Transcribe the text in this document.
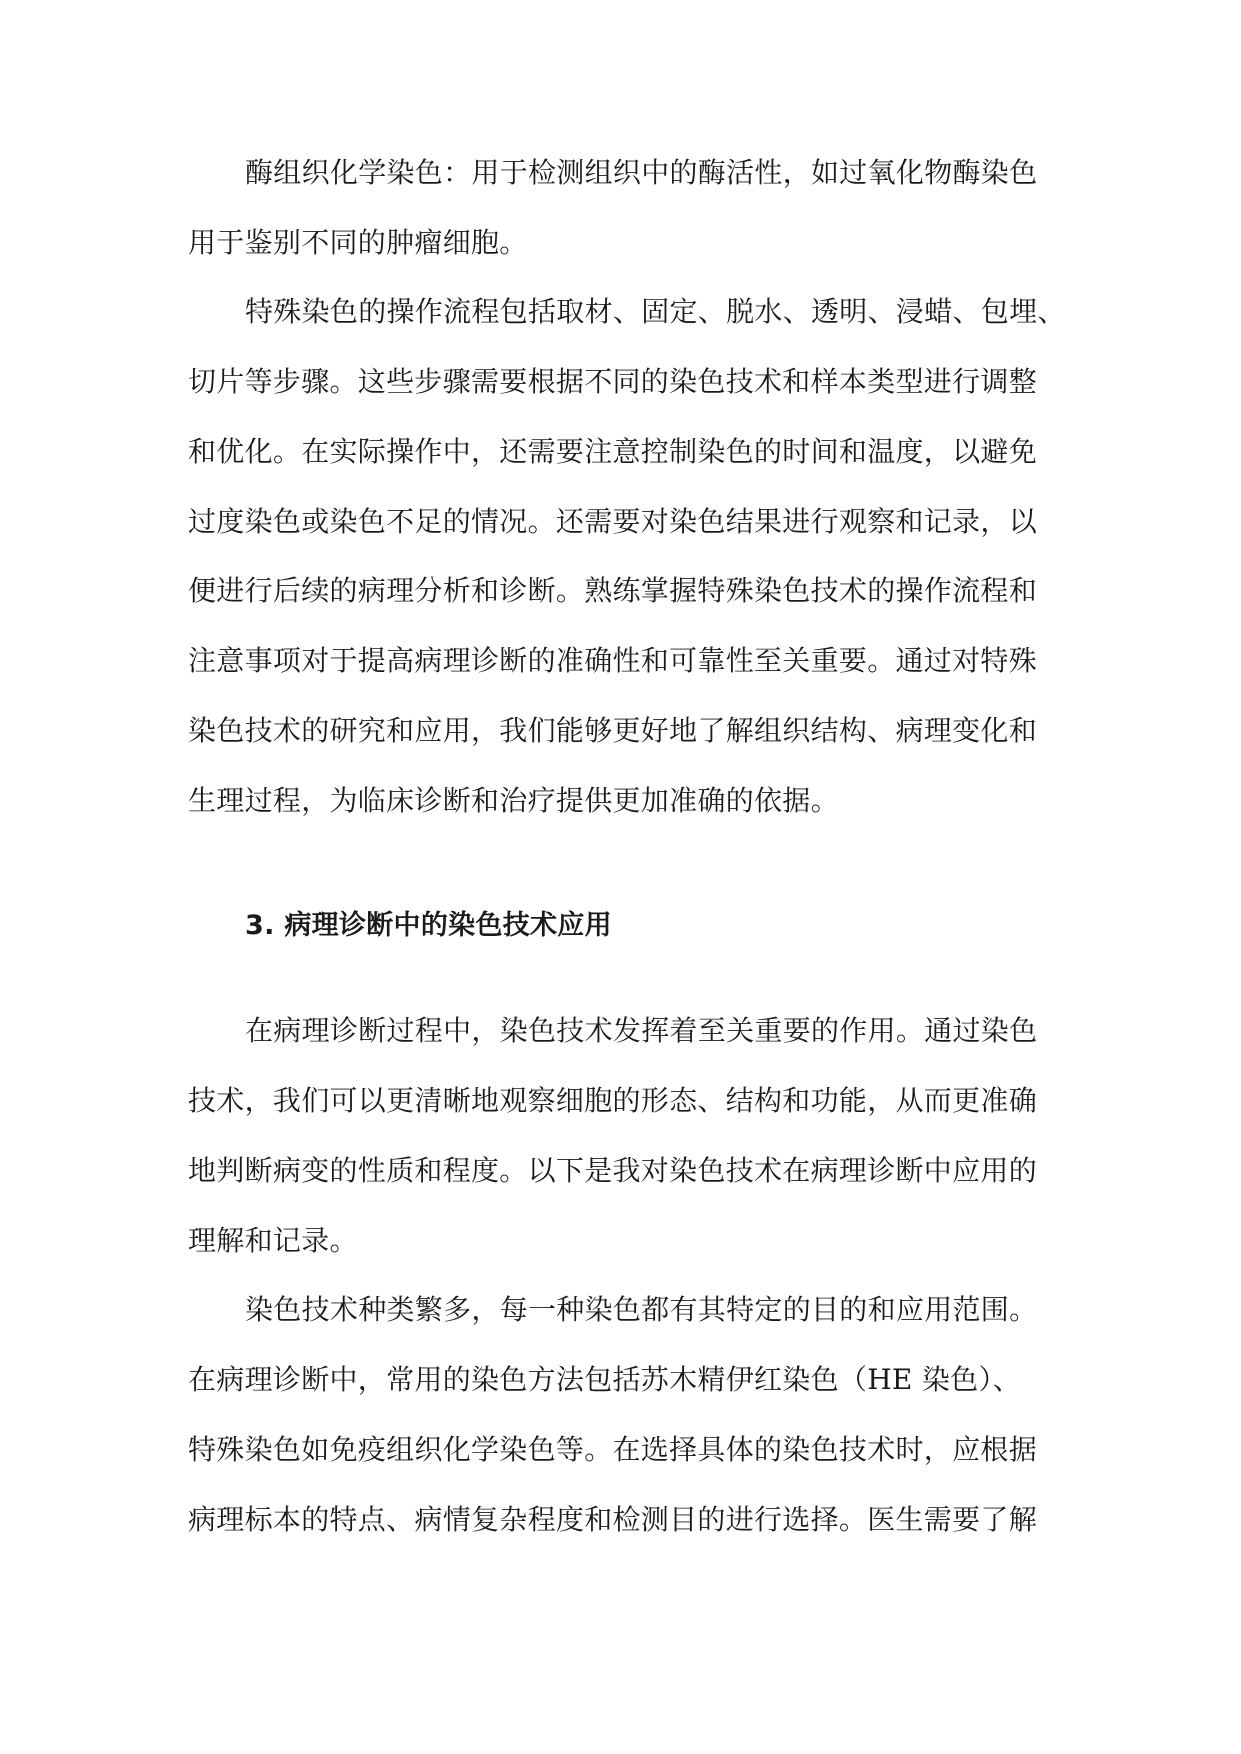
酶组织化学染色：用于检测组织中的酶活性，如过氧化物酶染色
用于鉴别不同的肿瘤细胞。
特殊染色的操作流程包括取材、固定、脱水、透明、浸蜡、包埋、
切片等步骤。这些步骤需要根据不同的染色技术和样本类型进行调整
和优化。在实际操作中，还需要注意控制染色的时间和温度，以避免
过度染色或染色不足的情况。还需要对染色结果进行观察和记录，以
便进行后续的病理分析和诊断。熟练掌握特殊染色技术的操作流程和
注意事项对于提高病理诊断的准确性和可靠性至关重要。通过对特殊
染色技术的研究和应用，我们能够更好地了解组织结构、病理变化和
生理过程，为临床诊断和治疗提供更加准确的依据。
3. 病理诊断中的染色技术应用
在病理诊断过程中，染色技术发挥着至关重要的作用。通过染色
技术，我们可以更清晰地观察细胞的形态、结构和功能，从而更准确
地判断病变的性质和程度。以下是我对染色技术在病理诊断中应用的
理解和记录。
染色技术种类繁多，每一种染色都有其特定的目的和应用范围。
在病理诊断中，常用的染色方法包括苏木精伊红染色（HE 染色）、
特殊染色如免疫组织化学染色等。在选择具体的染色技术时，应根据
病理标本的特点、病情复杂程度和检测目的进行选择。医生需要了解
